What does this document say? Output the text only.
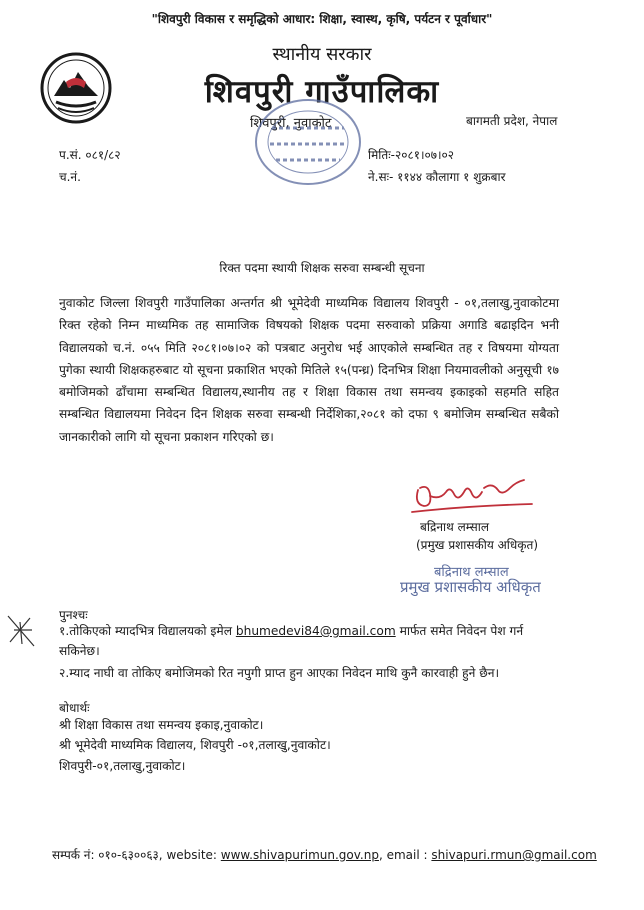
"शिवपुरी विकास र समृद्धिको आधार: शिक्षा, स्वास्थ, कृषि, पर्यटन र पूर्वाधार"
स्थानीय सरकार
शिवपुरी गाउँपालिका
शिवपुरी, नुवाकोट	बागमती प्रदेश, नेपाल
प.सं. ०८१/८२
च.नं.
मितिः-२०८१।०७।०२
ने.सः- ११४४ कौलागा १ शुक्रबार
रिक्त पदमा स्थायी शिक्षक सरुवा सम्बन्धी सूचना
नुवाकोट जिल्ला शिवपुरी गाउँपालिका अन्तर्गत श्री भूमेदेवी माध्यमिक विद्यालय शिवपुरी - ०१,तलाखु,नुवाकोटमा रिक्त रहेको निम्न माध्यमिक तह सामाजिक विषयको शिक्षक पदमा सरुवाको प्रक्रिया अगाडि बढाइदिन भनी विद्यालयको च.नं. ०५५ मिति २०८१।०७।०२ को पत्रबाट अनुरोध भई आएकोले सम्बन्धित तह र विषयमा योग्यता पुगेका स्थायी शिक्षकहरुबाट यो सूचना प्रकाशित भएको मितिले १५(पन्ध्र) दिनभित्र शिक्षा नियमावलीको अनुसूची १७ बमोजिमको ढाँचामा सम्बन्धित विद्यालय,स्थानीय तह र शिक्षा विकास तथा समन्वय इकाइको सहमति सहित सम्बन्धित विद्यालयमा निवेदन दिन शिक्षक सरुवा सम्बन्धी निर्देशिका,२०८१ को दफा ९ बमोजिम सम्बन्धित सबैको जानकारीको लागि यो सूचना प्रकाशन गरिएको छ।
बद्रिनाथ लम्साल
(प्रमुख प्रशासकीय अधिकृत)
बद्रिनाथ लम्साल
प्रमुख प्रशासकीय अधिकृत
पुनश्चः
१.तोकिएको म्यादभित्र विद्यालयको इमेल bhumedevi84@gmail.com मार्फत समेत निवेदन पेश गर्न सकिनेछ।
२.म्याद नाघी वा तोकिए बमोजिमको रित नपुगी प्राप्त हुन आएका निवेदन माथि कुनै कारवाही हुने छैन।
बोधार्थः
श्री शिक्षा विकास तथा समन्वय इकाइ,नुवाकोट।
श्री भूमेदेवी माध्यमिक विद्यालय, शिवपुरी -०१,तलाखु,नुवाकोट।
शिवपुरी-०१,तलाखु,नुवाकोट।
सम्पर्क नं: ०१०-६३००६३, website: www.shivapurimun.gov.np, email : shivapuri.rmun@gmail.com
